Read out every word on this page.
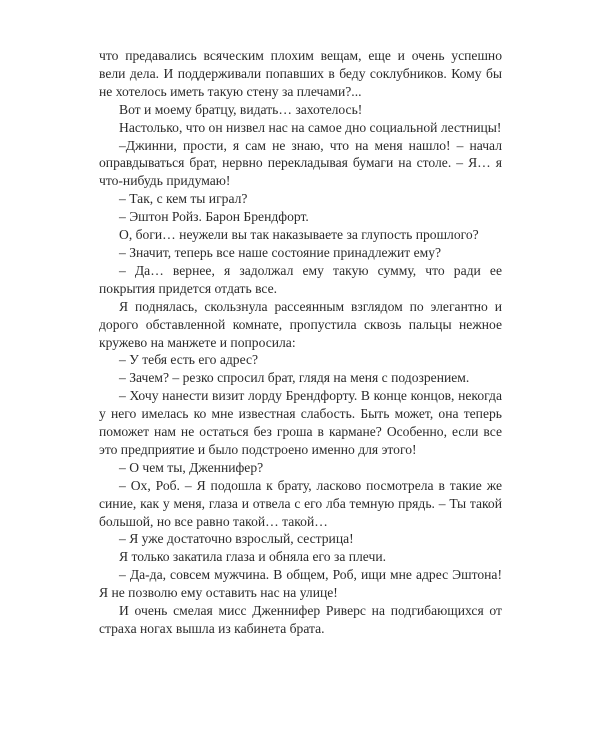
что предавались всяческим плохим вещам, еще и очень успешно вели дела. И поддерживали попавших в беду соклубников. Кому бы не хотелось иметь такую стену за плечами?...

Вот и моему братцу, видать… захотелось!

Настолько, что он низвел нас на самое дно социальной лестницы!

–Джинни, прости, я сам не знаю, что на меня нашло! – начал оправдываться брат, нервно перекладывая бумаги на столе. – Я… я что-нибудь придумаю!

– Так, с кем ты играл?

– Эштон Ройз. Барон Брендфорт.

О, боги… неужели вы так наказываете за глупость прошлого?

– Значит, теперь все наше состояние принадлежит ему?

– Да… вернее, я задолжал ему такую сумму, что ради ее покрытия придется отдать все.

Я поднялась, скользнула рассеянным взглядом по элегантно и дорого обставленной комнате, пропустила сквозь пальцы нежное кружево на манжете и попросила:

– У тебя есть его адрес?

– Зачем? – резко спросил брат, глядя на меня с подозрением.

– Хочу нанести визит лорду Брендфорту. В конце концов, некогда у него имелась ко мне известная слабость. Быть может, она теперь поможет нам не остаться без гроша в кармане? Особенно, если все это предприятие и было подстроено именно для этого!

– О чем ты, Дженнифер?

– Ох, Роб. – Я подошла к брату, ласково посмотрела в такие же синие, как у меня, глаза и отвела с его лба темную прядь. – Ты такой большой, но все равно такой… такой…

– Я уже достаточно взрослый, сестрица!

Я только закатила глаза и обняла его за плечи.

– Да-да, совсем мужчина. В общем, Роб, ищи мне адрес Эштона! Я не позволю ему оставить нас на улице!

И очень смелая мисс Дженнифер Риверс на подгибающихся от страха ногах вышла из кабинета брата.
